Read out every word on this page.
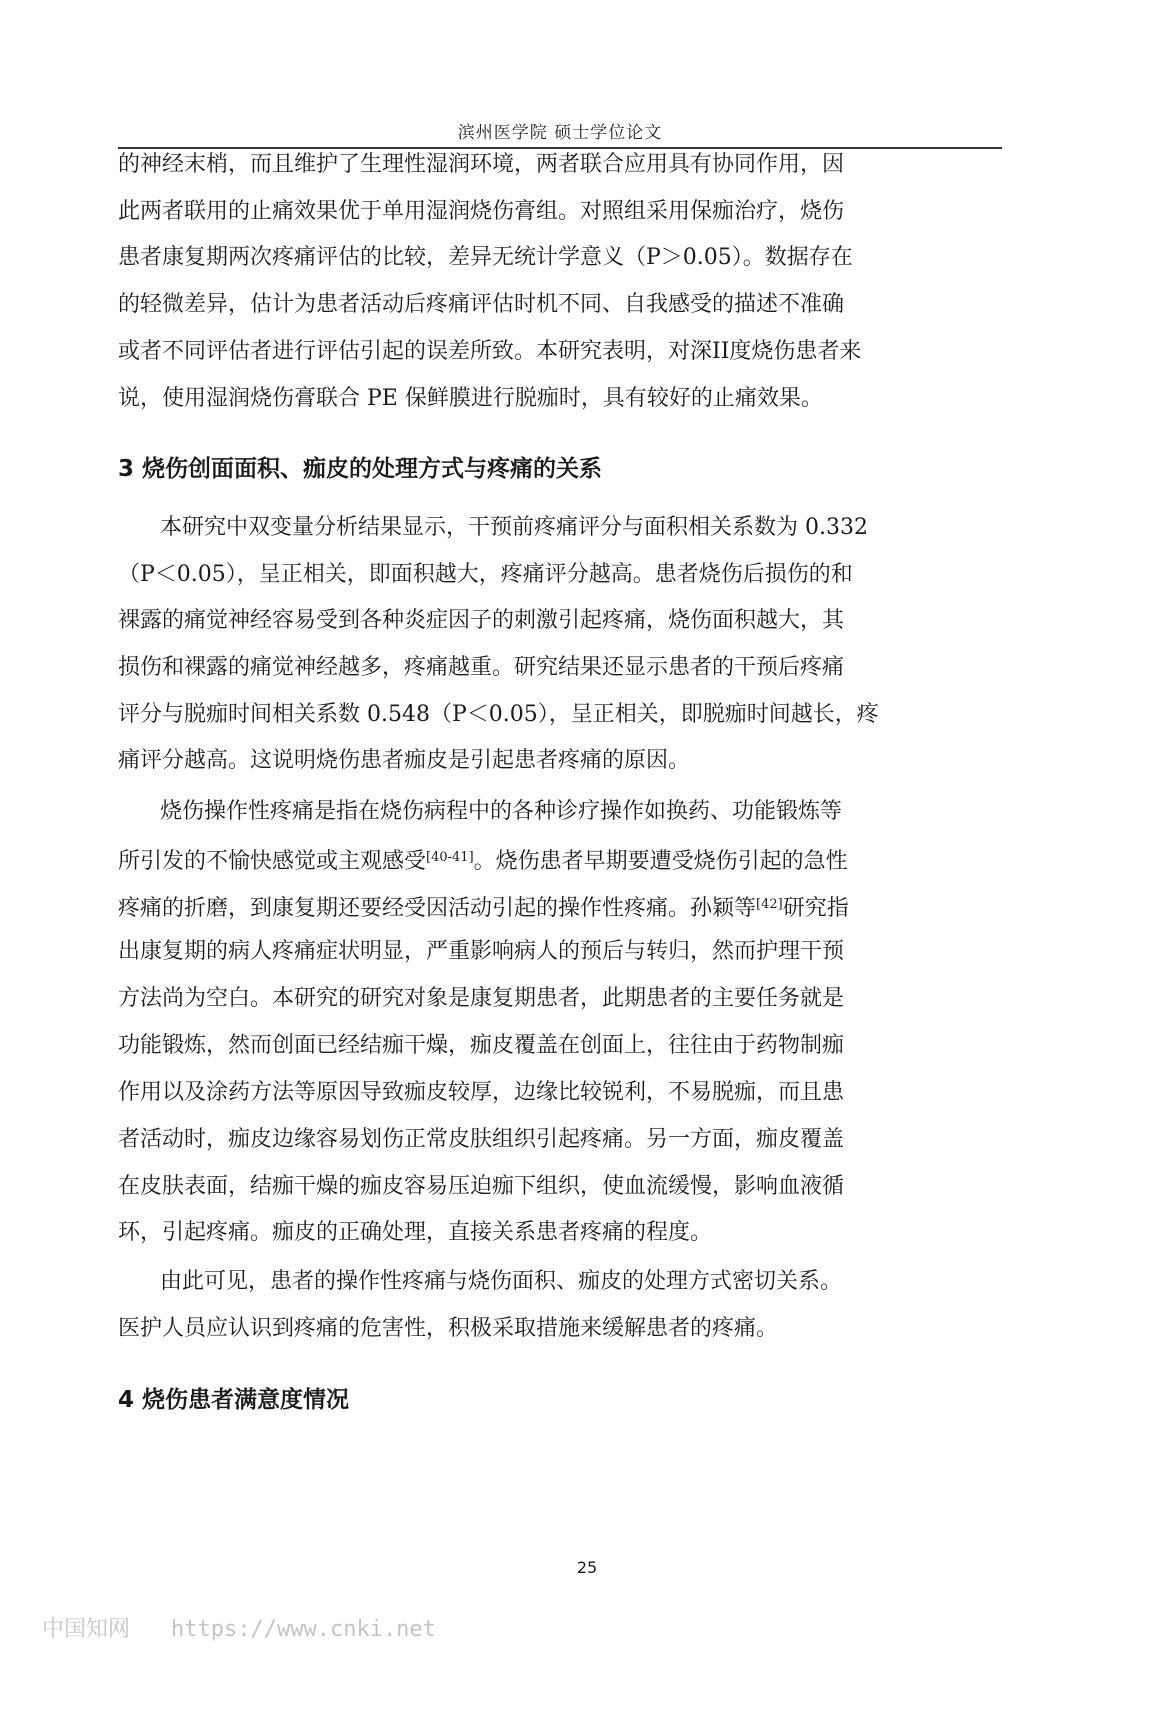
滨州医学院 硕士学位论文
的神经末梢，而且维护了生理性湿润环境，两者联合应用具有协同作用，因
此两者联用的止痛效果优于单用湿润烧伤膏组。对照组采用保痂治疗，烧伤
患者康复期两次疼痛评估的比较，差异无统计学意义（P＞0.05）。数据存在
的轻微差异，估计为患者活动后疼痛评估时机不同、自我感受的描述不准确
或者不同评估者进行评估引起的误差所致。本研究表明，对深II度烧伤患者来
说，使用湿润烧伤膏联合 PE 保鲜膜进行脱痂时，具有较好的止痛效果。
3 烧伤创面面积、痂皮的处理方式与疼痛的关系
本研究中双变量分析结果显示，干预前疼痛评分与面积相关系数为 0.332
（P＜0.05），呈正相关，即面积越大，疼痛评分越高。患者烧伤后损伤的和
裸露的痛觉神经容易受到各种炎症因子的刺激引起疼痛，烧伤面积越大，其
损伤和裸露的痛觉神经越多，疼痛越重。研究结果还显示患者的干预后疼痛
评分与脱痂时间相关系数 0.548（P＜0.05），呈正相关，即脱痂时间越长，疼
痛评分越高。这说明烧伤患者痂皮是引起患者疼痛的原因。
烧伤操作性疼痛是指在烧伤病程中的各种诊疗操作如换药、功能锻炼等
所引发的不愉快感觉或主观感受[40-41]。烧伤患者早期要遭受烧伤引起的急性
疼痛的折磨，到康复期还要经受因活动引起的操作性疼痛。孙颖等[42]研究指
出康复期的病人疼痛症状明显，严重影响病人的预后与转归，然而护理干预
方法尚为空白。本研究的研究对象是康复期患者，此期患者的主要任务就是
功能锻炼，然而创面已经结痂干燥，痂皮覆盖在创面上，往往由于药物制痂
作用以及涂药方法等原因导致痂皮较厚，边缘比较锐利，不易脱痂，而且患
者活动时，痂皮边缘容易划伤正常皮肤组织引起疼痛。另一方面，痂皮覆盖
在皮肤表面，结痂干燥的痂皮容易压迫痂下组织，使血流缓慢，影响血液循
环，引起疼痛。痂皮的正确处理，直接关系患者疼痛的程度。
由此可见，患者的操作性疼痛与烧伤面积、痂皮的处理方式密切关系。
医护人员应认识到疼痛的危害性，积极采取措施来缓解患者的疼痛。
4 烧伤患者满意度情况
25
中国知网 https://www.cnki.net
